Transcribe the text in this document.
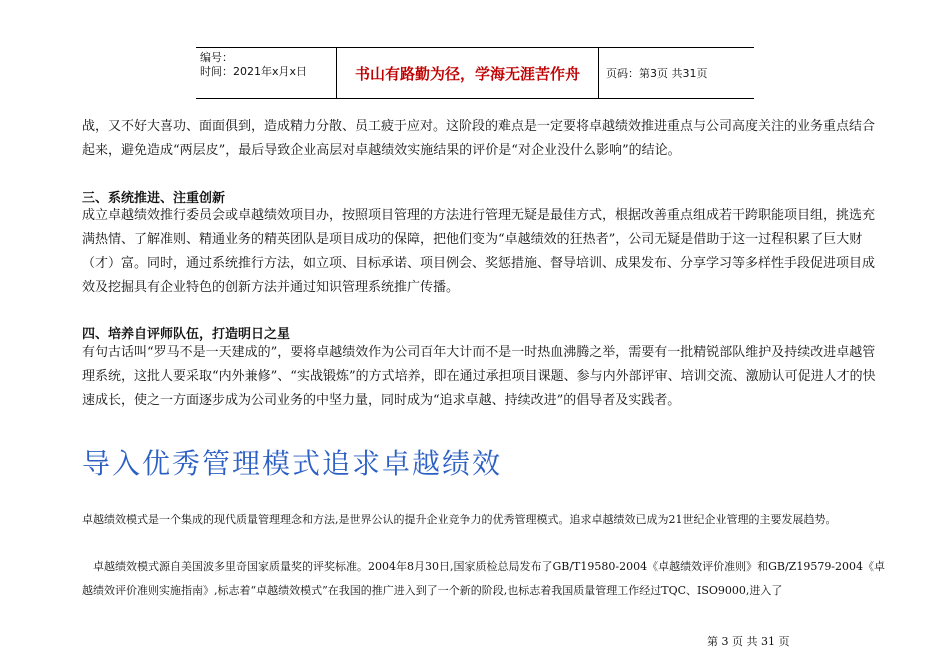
编号：
时间：2021年x月x日	书山有路勤为径，学海无涯苦作舟	页码：第3页 共31页

战，又不好大喜功、面面俱到，造成精力分散、员工疲于应对。这阶段的难点是一定要将卓越绩效推进重点与公司高度关注的业务重点结合起来，避免造成“两层皮”，最后导致企业高层对卓越绩效实施结果的评价是“对企业没什么影响”的结论。

三、系统推进、注重创新

成立卓越绩效推行委员会或卓越绩效项目办，按照项目管理的方法进行管理无疑是最佳方式，根据改善重点组成若干跨职能项目组，挑选充满热情、了解准则、精通业务的精英团队是项目成功的保障，把他们变为“卓越绩效的狂热者”，公司无疑是借助于这一过程积累了巨大财（才）富。同时，通过系统推行方法，如立项、目标承诺、项目例会、奖惩措施、督导培训、成果发布、分享学习等多样性手段促进项目成效及挖掘具有企业特色的创新方法并通过知识管理系统推广传播。

四、培养自评师队伍，打造明日之星

有句古话叫“罗马不是一天建成的”，要将卓越绩效作为公司百年大计而不是一时热血沸腾之举，需要有一批精锐部队维护及持续改进卓越管理系统，这批人要采取“内外兼修”、“实战锻炼”的方式培养，即在通过承担项目课题、参与内外部评审、培训交流、激励认可促进人才的快速成长，使之一方面逐步成为公司业务的中坚力量，同时成为“追求卓越、持续改进”的倡导者及实践者。

导入优秀管理模式追求卓越绩效

卓越绩效模式是一个集成的现代质量管理理念和方法,是世界公认的提升企业竞争力的优秀管理模式。追求卓越绩效已成为21世纪企业管理的主要发展趋势。

　卓越绩效模式源自美国波多里奇国家质量奖的评奖标准。2004年8月30日,国家质检总局发布了GB/T19580-2004《卓越绩效评价准则》和GB/Z19579-2004《卓越绩效评价准则实施指南》,标志着“卓越绩效模式”在我国的推广进入到了一个新的阶段,也标志着我国质量管理工作经过TQC、ISO9000,进入了

第 3 页 共 31 页
